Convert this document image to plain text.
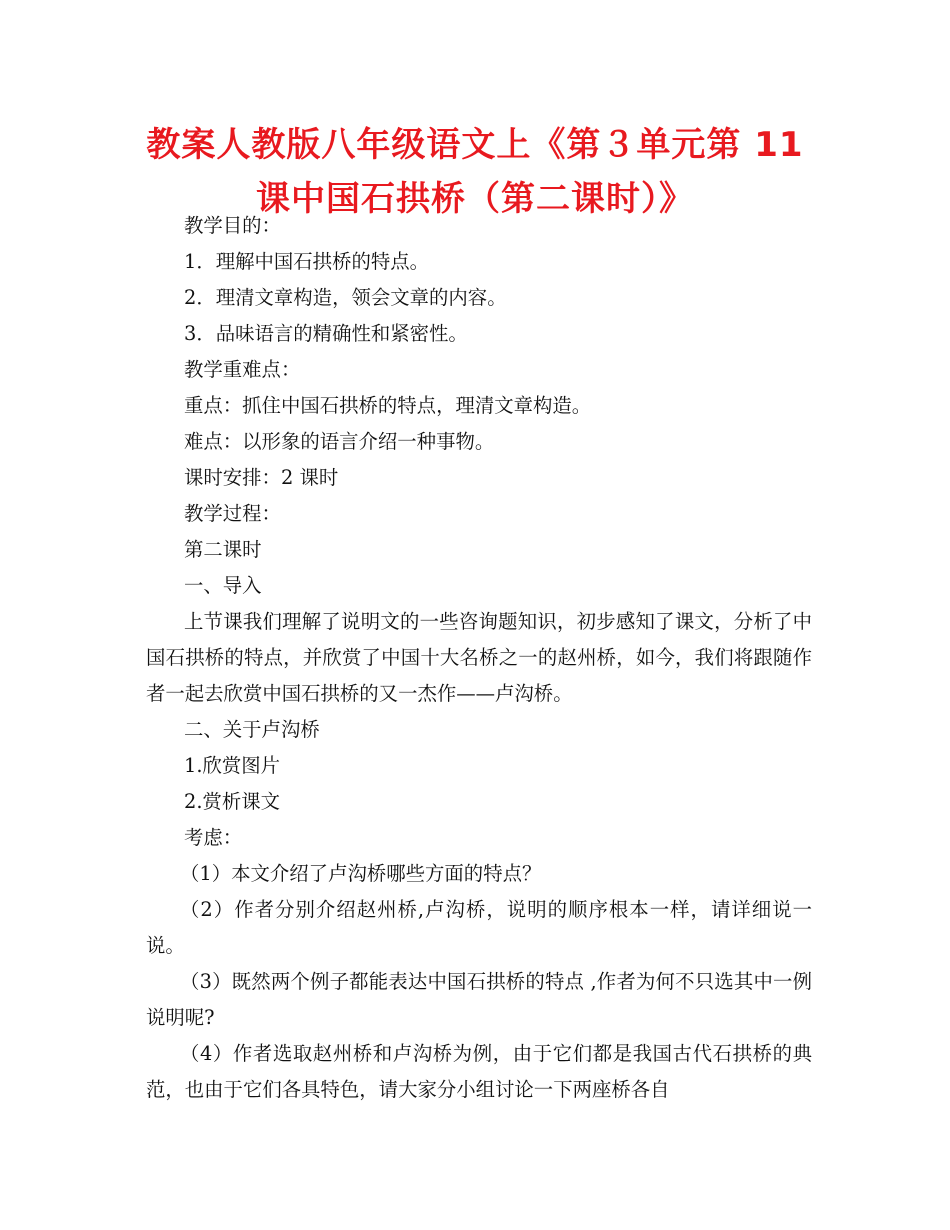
教案人教版八年级语文上《第３单元第 11
课中国石拱桥（第二课时）》

教学目的：

1．理解中国石拱桥的特点。

2．理清文章构造，领会文章的内容。

3．品味语言的精确性和紧密性。

教学重难点：

重点：抓住中国石拱桥的特点，理清文章构造。

难点：以形象的语言介绍一种事物。

课时安排：2 课时

教学过程：

第二课时

一、导入

上节课我们理解了说明文的一些咨询题知识，初步感知了课文，分析了中国石拱桥的特点，并欣赏了中国十大名桥之一的赵州桥，如今，我们将跟随作者一起去欣赏中国石拱桥的又一杰作——卢沟桥。

二、关于卢沟桥

1.欣赏图片

2.赏析课文

考虑：

（1）本文介绍了卢沟桥哪些方面的特点？

（2）作者分别介绍赵州桥,卢沟桥，说明的顺序根本一样，请详细说一说。

（3）既然两个例子都能表达中国石拱桥的特点 ,作者为何不只选其中一例说明呢?

（4）作者选取赵州桥和卢沟桥为例，由于它们都是我国古代石拱桥的典范，也由于它们各具特色，请大家分小组讨论一下两座桥各自
